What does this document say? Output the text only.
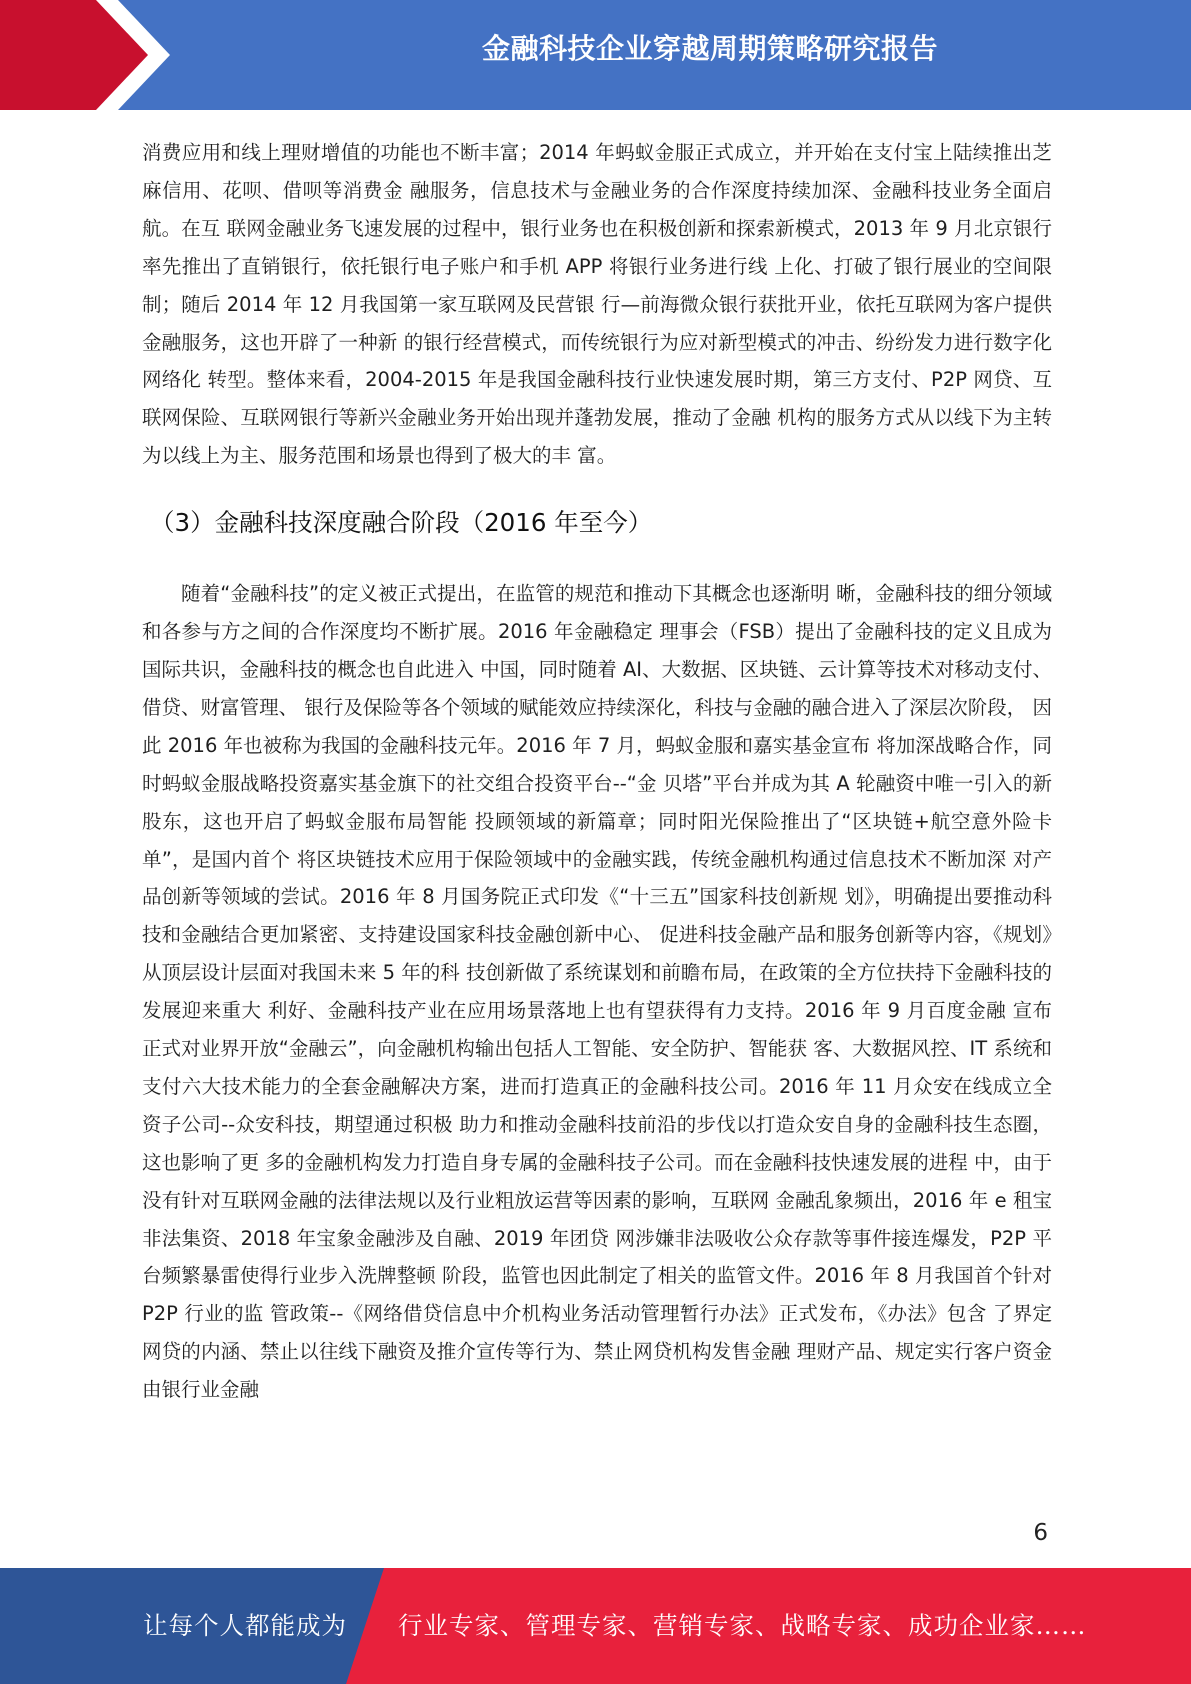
金融科技企业穿越周期策略研究报告

消费应用和线上理财增值的功能也不断丰富；2014 年蚂蚁金服正式成立，并开始在支付宝上陆续推出芝麻信用、花呗、借呗等消费金 融服务，信息技术与金融业务的合作深度持续加深、金融科技业务全面启航。在互 联网金融业务飞速发展的过程中，银行业务也在积极创新和探索新模式，2013 年 9 月北京银行率先推出了直销银行，依托银行电子账户和手机 APP 将银行业务进行线 上化、打破了银行展业的空间限制；随后 2014 年 12 月我国第一家互联网及民营银 行—前海微众银行获批开业，依托互联网为客户提供金融服务，这也开辟了一种新 的银行经营模式，而传统银行为应对新型模式的冲击、纷纷发力进行数字化网络化 转型。整体来看，2004-2015 年是我国金融科技行业快速发展时期，第三方支付、P2P 网贷、互联网保险、互联网银行等新兴金融业务开始出现并蓬勃发展，推动了金融 机构的服务方式从以线下为主转为以线上为主、服务范围和场景也得到了极大的丰 富。

（3）金融科技深度融合阶段（2016 年至今）

随着“金融科技”的定义被正式提出，在监管的规范和推动下其概念也逐渐明 晰，金融科技的细分领域和各参与方之间的合作深度均不断扩展。2016 年金融稳定 理事会（FSB）提出了金融科技的定义且成为国际共识，金融科技的概念也自此进入 中国，同时随着 AI、大数据、区块链、云计算等技术对移动支付、借贷、财富管理、 银行及保险等各个领域的赋能效应持续深化，科技与金融的融合进入了深层次阶段， 因此 2016 年也被称为我国的金融科技元年。2016 年 7 月，蚂蚁金服和嘉实基金宣布 将加深战略合作，同时蚂蚁金服战略投资嘉实基金旗下的社交组合投资平台--“金 贝塔”平台并成为其 A 轮融资中唯一引入的新股东，这也开启了蚂蚁金服布局智能 投顾领域的新篇章；同时阳光保险推出了“区块链+航空意外险卡单”，是国内首个 将区块链技术应用于保险领域中的金融实践，传统金融机构通过信息技术不断加深 对产品创新等领域的尝试。2016 年 8 月国务院正式印发《“十三五”国家科技创新规 划》，明确提出要推动科技和金融结合更加紧密、支持建设国家科技金融创新中心、 促进科技金融产品和服务创新等内容，《规划》从顶层设计层面对我国未来 5 年的科 技创新做了系统谋划和前瞻布局，在政策的全方位扶持下金融科技的发展迎来重大 利好、金融科技产业在应用场景落地上也有望获得有力支持。2016 年 9 月百度金融 宣布正式对业界开放“金融云”，向金融机构输出包括人工智能、安全防护、智能获 客、大数据风控、IT 系统和支付六大技术能力的全套金融解决方案，进而打造真正的金融科技公司。2016 年 11 月众安在线成立全资子公司--众安科技，期望通过积极 助力和推动金融科技前沿的步伐以打造众安自身的金融科技生态圈，这也影响了更 多的金融机构发力打造自身专属的金融科技子公司。而在金融科技快速发展的进程 中，由于没有针对互联网金融的法律法规以及行业粗放运营等因素的影响，互联网 金融乱象频出，2016 年 e 租宝非法集资、2018 年宝象金融涉及自融、2019 年团贷 网涉嫌非法吸收公众存款等事件接连爆发，P2P 平台频繁暴雷使得行业步入洗牌整顿 阶段，监管也因此制定了相关的监管文件。2016 年 8 月我国首个针对 P2P 行业的监 管政策--《网络借贷信息中介机构业务活动管理暂行办法》正式发布，《办法》包含 了界定网贷的内涵、禁止以往线下融资及推介宣传等行为、禁止网贷机构发售金融 理财产品、规定实行客户资金由银行业金融

6
让每个人都能成为 行业专家、管理专家、营销专家、战略专家、成功企业家……
